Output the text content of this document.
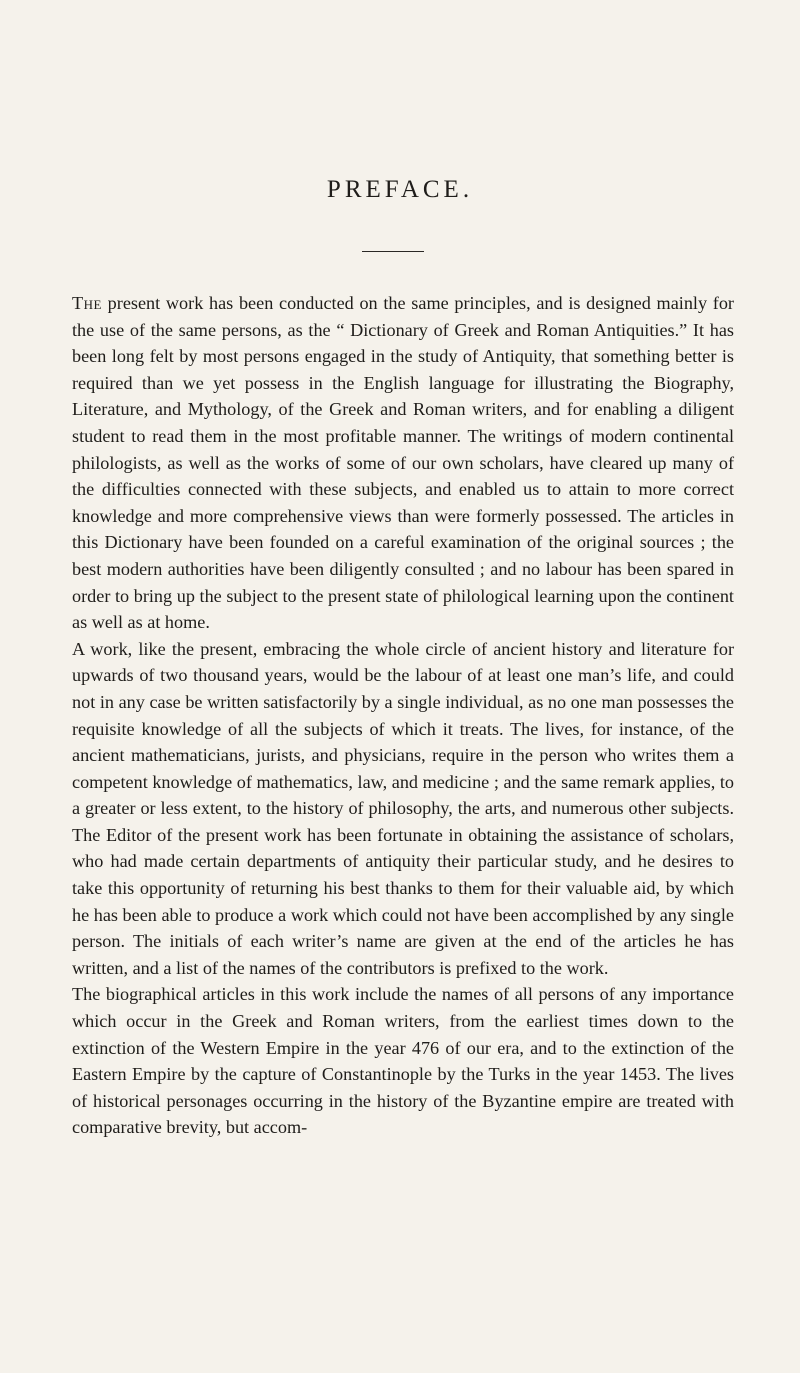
PREFACE.

The present work has been conducted on the same principles, and is designed mainly for the use of the same persons, as the “ Dictionary of Greek and Roman Antiquities.” It has been long felt by most persons engaged in the study of Antiquity, that something better is required than we yet possess in the English language for illustrating the Biography, Literature, and Mythology, of the Greek and Roman writers, and for enabling a diligent student to read them in the most profitable manner. The writings of modern continental philologists, as well as the works of some of our own scholars, have cleared up many of the difficulties connected with these subjects, and enabled us to attain to more correct knowledge and more comprehensive views than were formerly possessed. The articles in this Dictionary have been founded on a careful examination of the original sources ; the best modern authorities have been diligently consulted ; and no labour has been spared in order to bring up the subject to the present state of philological learning upon the continent as well as at home.

A work, like the present, embracing the whole circle of ancient history and literature for upwards of two thousand years, would be the labour of at least one man’s life, and could not in any case be written satisfactorily by a single individual, as no one man possesses the requisite knowledge of all the subjects of which it treats. The lives, for instance, of the ancient mathematicians, jurists, and physicians, require in the person who writes them a competent knowledge of mathematics, law, and medicine ; and the same remark applies, to a greater or less extent, to the history of philosophy, the arts, and numerous other subjects. The Editor of the present work has been fortunate in obtaining the assistance of scholars, who had made certain departments of antiquity their particular study, and he desires to take this opportunity of returning his best thanks to them for their valuable aid, by which he has been able to produce a work which could not have been accomplished by any single person. The initials of each writer’s name are given at the end of the articles he has written, and a list of the names of the contributors is prefixed to the work.

The biographical articles in this work include the names of all persons of any importance which occur in the Greek and Roman writers, from the earliest times down to the extinction of the Western Empire in the year 476 of our era, and to the extinction of the Eastern Empire by the capture of Constantinople by the Turks in the year 1453. The lives of historical personages occurring in the history of the Byzantine empire are treated with comparative brevity, but accom-
